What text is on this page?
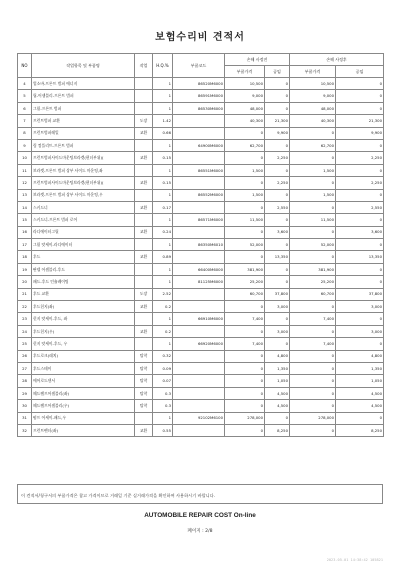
보험수리비 견적서
NO	작업항목 및 부품명	작업	H.Q.%	부품코드	손해 사정전		손해 사정후	
					부품가격	공임	부품가격	공임
4	업소바-프론트 범퍼 에너지		1	86520M6000	10,500	0	10,500	0
5	립-어셈블리-프론트 범퍼		1	86591M6000	9,000	0	9,000	0
6	그릴-프론트 범퍼		1	86530M6000	48,000	0	48,000	0
7	프런트범퍼 교환	도장	1.42		40,300	21,300	40,300	21,300
8	프런트범퍼레일	교환	0.66		0	9,900	0	9,900
9	림 컴플리트-프론트 범퍼		1	64900M6000	62,700	0	62,700	0
10	프런트범퍼사이드마운팅브라켓(편더부위)(	교환	0.15		0	2,250	0	2,250
11	브라켓-프론트 범퍼 상부 사이드 마운팅,좌		1	86551M6000	1,500	0	1,500	0
12	프런트범퍼사이드마운팅브라켓(편더부위)(	교환	0.15		0	2,250	0	2,250
13	브라켓-프론트 범퍼 상부 사이드 마운팅,우		1	86552M6000	1,500	0	1,500	0
14	스키드너	교환	0.17		0	2,550	0	2,550
15	스키드너-프론트 범퍼 로어		1	86571M6000	11,500	0	11,500	0
16	라디에이터그릴	교환	0.24		0	3,600	0	3,600
17	그릴 앗세이-라디에이터		1	86350M6010	52,000	0	52,000	0
18	후드	교환	0.89		0	13,350	0	13,350
19	판넬 어셈블리-후드		1	66400M6000	381,900	0	381,900	0
20	패드-후드 인슐레이팅		1	81125M6000	25,200	0	25,200	0
21	후드 교환	도장	2.52		60,700	37,800	60,700	37,800
22	후드힌지(좌)	교환	0.2		0	3,000	0	3,000
23	힌지 앗세이-후드, 좌		1	66910M6000	7,400	0	7,400	0
24	후드힌지(우)	교환	0.2		0	3,000	0	3,000
25	힌지 앗세이-후드, 우		1	66920M6000	7,400	0	7,400	0
26	후드로크(래치)	탈착	0.32		0	4,800	0	4,800
27	후드스테이	탈착	0.09		0	1,350	0	1,350
28	에어로드센서	탈착	0.07		0	1,050	0	1,050
29	헤드램프어셈블리(좌)	탈착	0.3		0	4,500	0	4,500
30	헤드램프어셈블리(우)	탈착	0.3		0	4,500	0	4,500
31	펌프 어세이-패드,우		1	92102M6100	278,000	0	278,000	0
32	프런트펜더(좌)	교환	0.55		0	8,250	0	8,250
이 견적서/청구서의 부품가격은 참고 가격이므로 거래일 기준 실거래가격을 확인하여 사용하시기 바랍니다.
AUTOMOBILE REPAIR COST On-line
페이지 : 2/8
2023-05-01 14:38:42 105821
